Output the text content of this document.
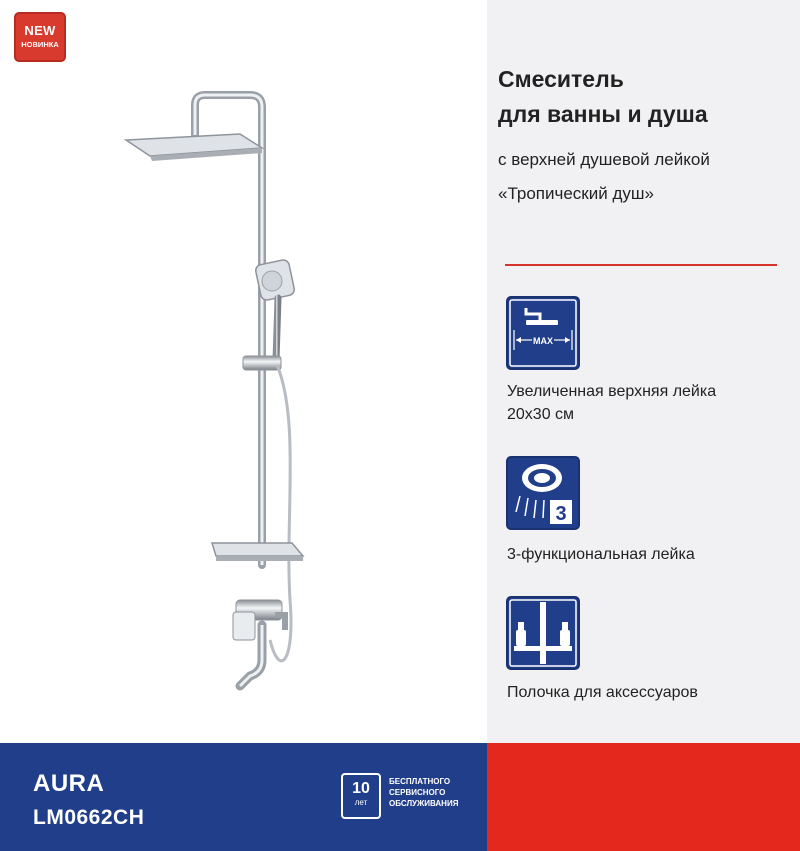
NEW
НОВИНКА
Смеситель
для ванны и душа
с верхней душевой лейкой
«Тропический душ»
MAX
Увеличенная верхняя лейка
20x30 см
3
3-функциональная лейка
Полочка для аксессуаров
AURA
LM0662CH
10
лет
БЕСПЛАТНОГО
СЕРВИСНОГО
ОБСЛУЖИВАНИЯ
